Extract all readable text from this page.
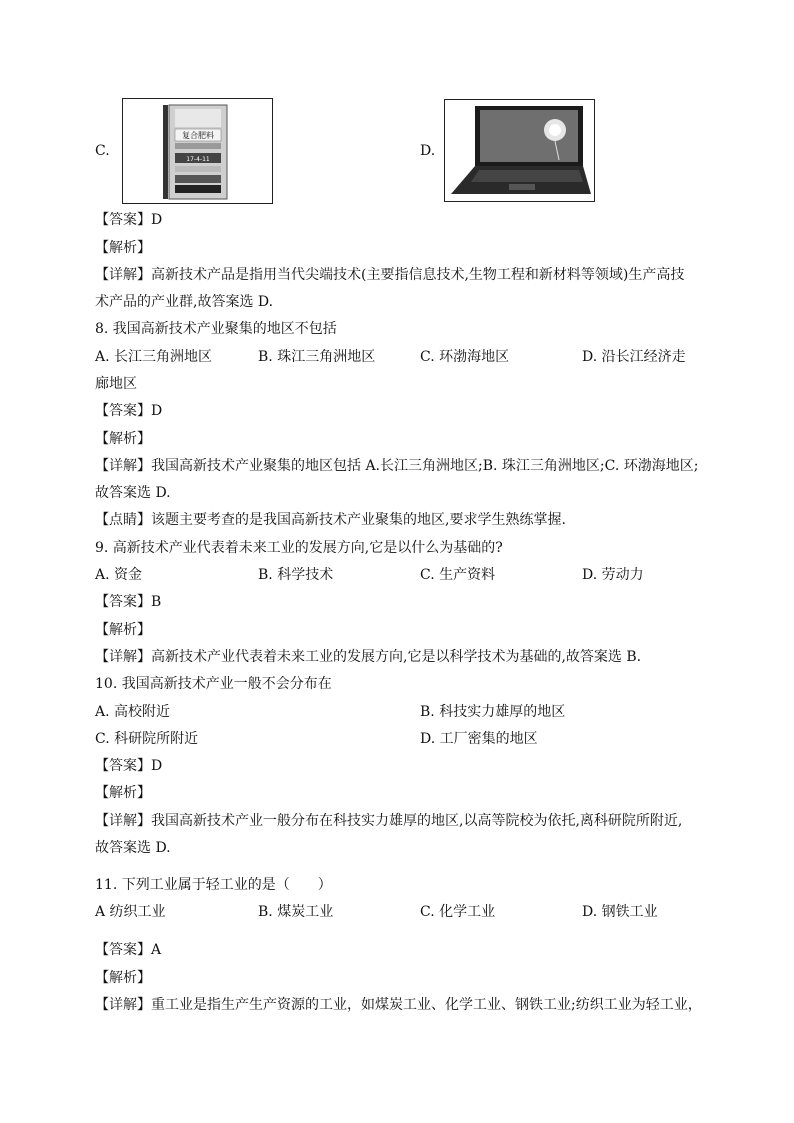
C.
复合肥料
17-4-11
D.
【答案】D
【解析】
【详解】高新技术产品是指用当代尖端技术(主要指信息技术,生物工程和新材料等领域)生产高技
术产品的产业群,故答案选 D.
8. 我国高新技术产业聚集的地区不包括
A. 长江三角洲地区	B. 珠江三角洲地区	C. 环渤海地区	D. 沿长江经济走
廊地区
【答案】D
【解析】
【详解】我国高新技术产业聚集的地区包括 A.长江三角洲地区;B. 珠江三角洲地区;C. 环渤海地区;
故答案选 D.
【点睛】该题主要考查的是我国高新技术产业聚集的地区,要求学生熟练掌握.
9. 高新技术产业代表着未来工业的发展方向,它是以什么为基础的?
A. 资金	B. 科学技术	C. 生产资料	D. 劳动力
【答案】B
【解析】
【详解】高新技术产业代表着未来工业的发展方向,它是以科学技术为基础的,故答案选 B.
10. 我国高新技术产业一般不会分布在
A. 高校附近	B. 科技实力雄厚的地区
C. 科研院所附近	D. 工厂密集的地区
【答案】D
【解析】
【详解】我国高新技术产业一般分布在科技实力雄厚的地区,以高等院校为依托,离科研院所附近,
故答案选 D.
11. 下列工业属于轻工业的是（　　）
A 纺织工业	B. 煤炭工业	C. 化学工业	D. 钢铁工业
【答案】A
【解析】
【详解】重工业是指生产生产资源的工业，如煤炭工业、化学工业、钢铁工业;纺织工业为轻工业，
